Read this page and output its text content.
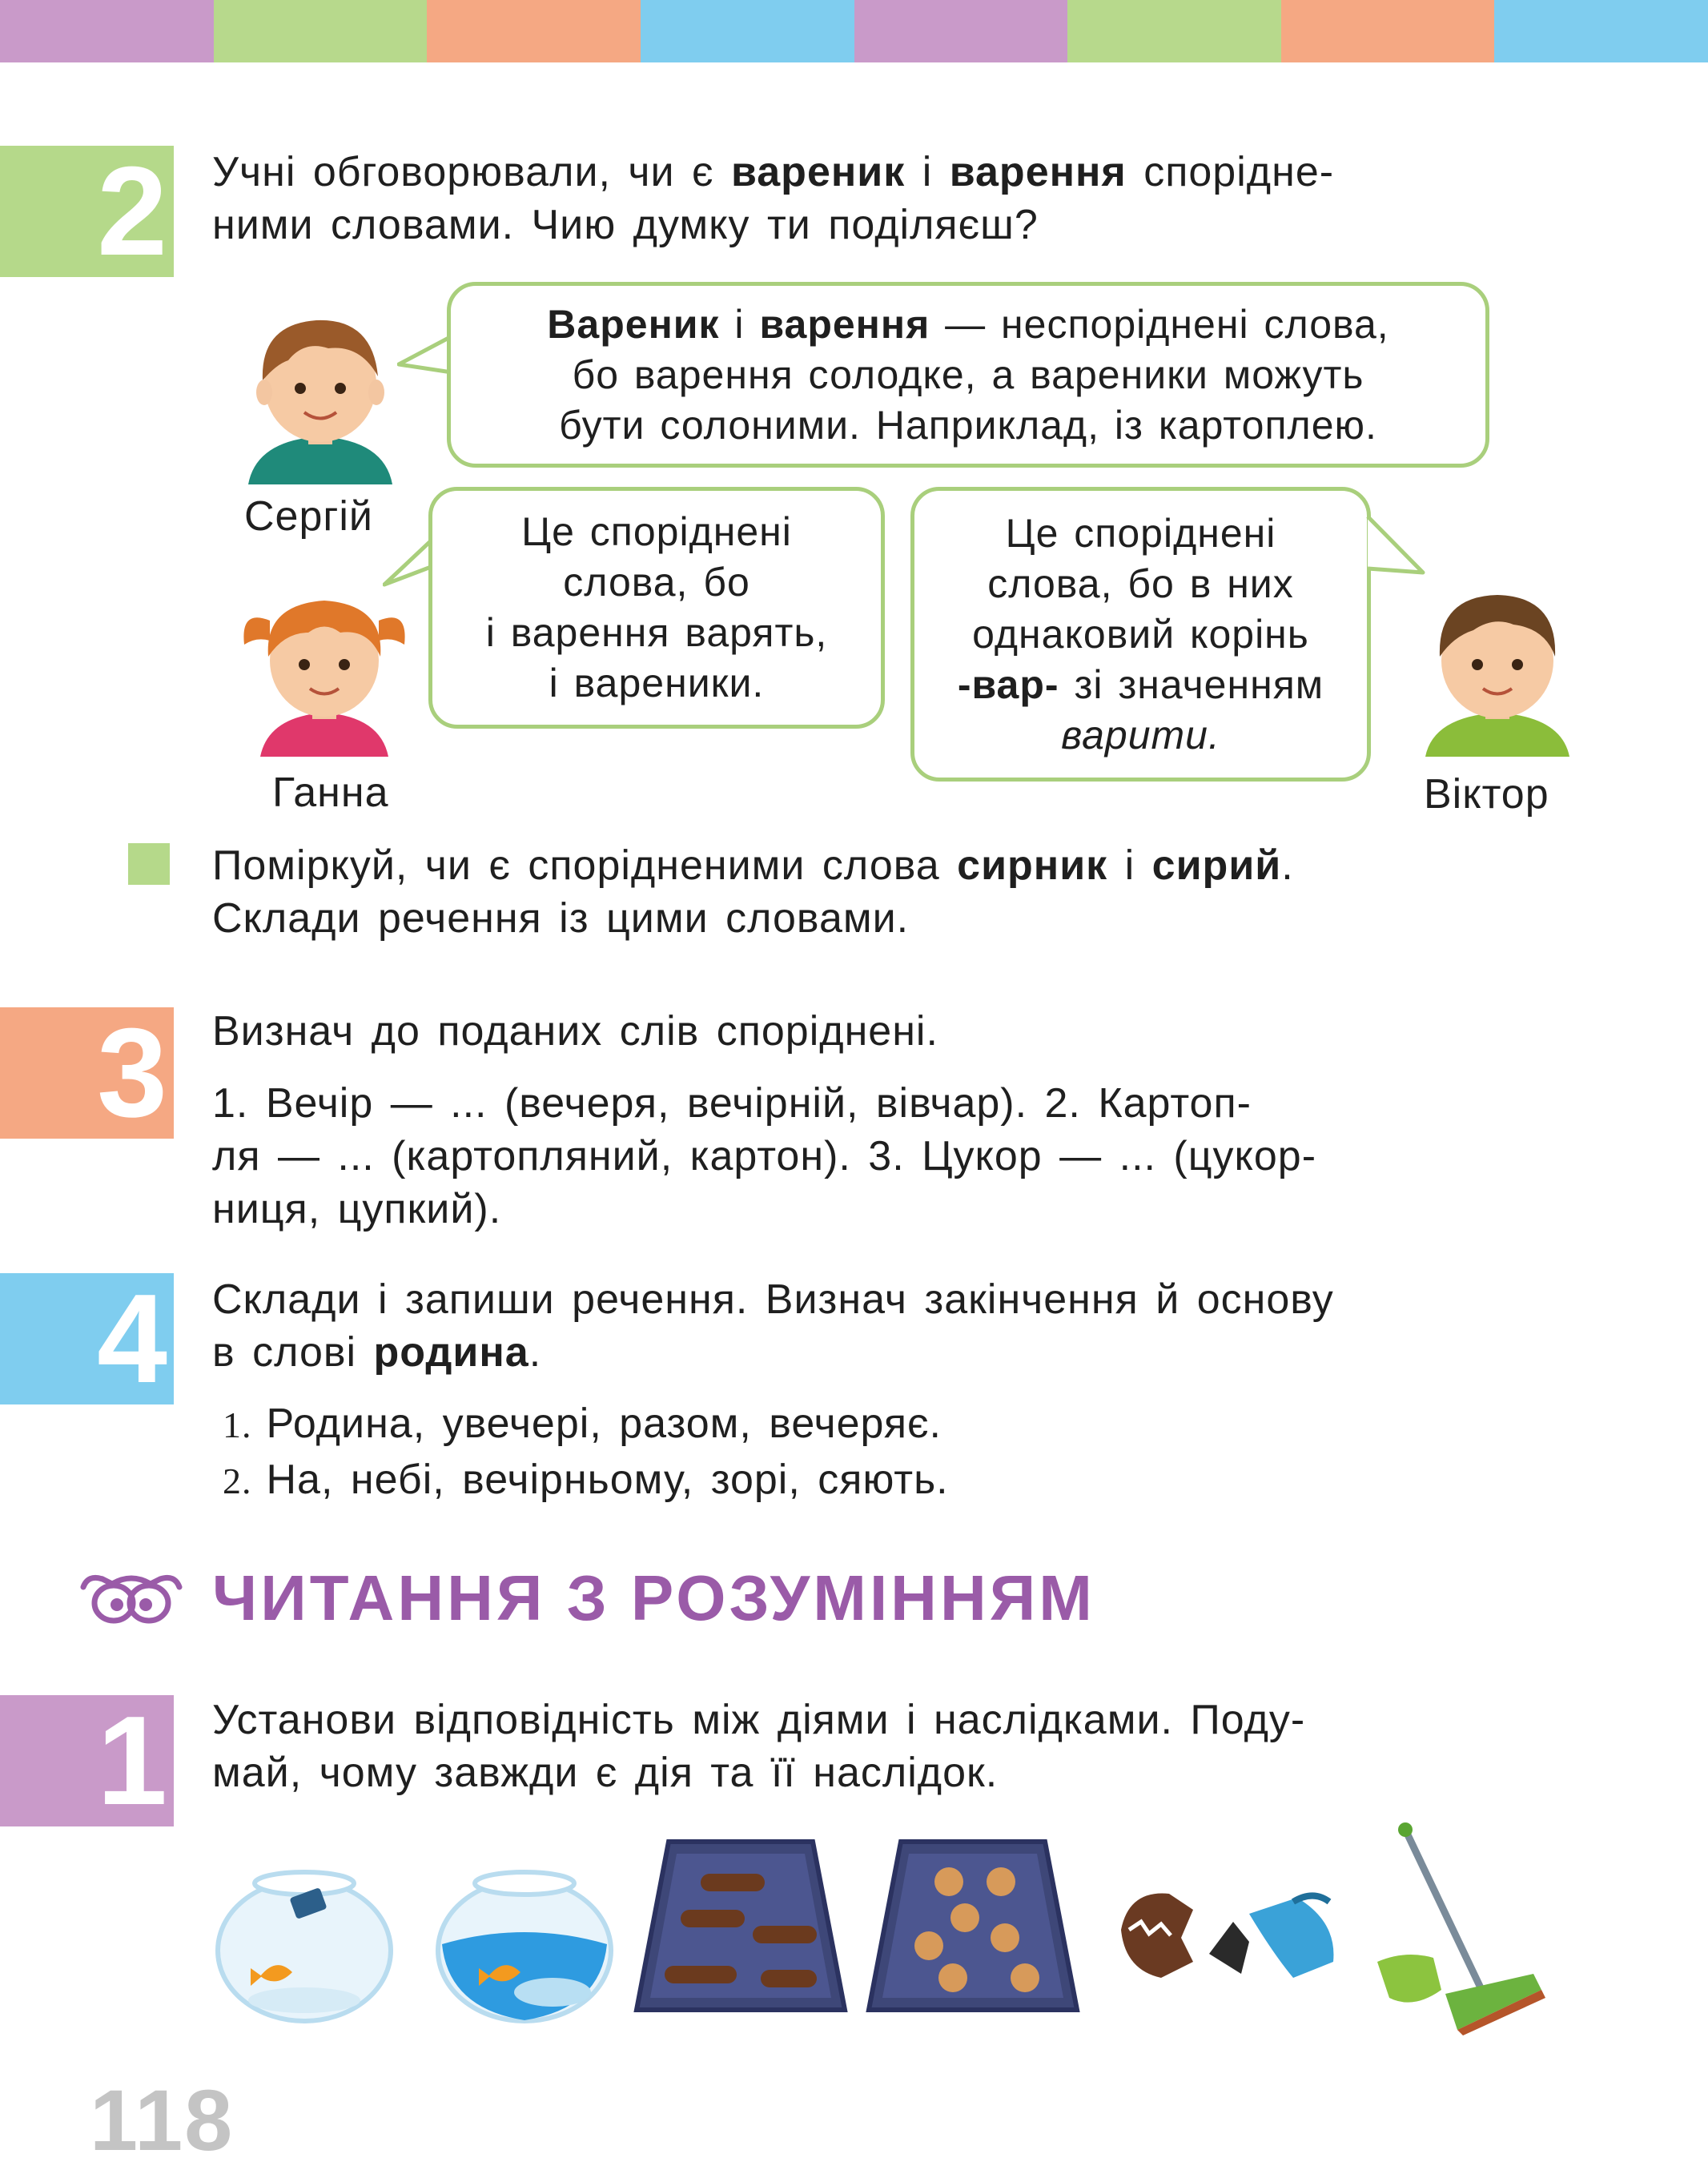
2 Учні обговорювали, чи є вареник і варення споріднe-
ними словами. Чию думку ти поділяєш?
Сергій
Вареник і варення — неспоріднені слова,
бо варення солодке, а вареники можуть
бути солоними. Наприклад, із картоплею.
Ганна
Це споріднені
слова, бо
і варення варять,
і вареники.
Це споріднені
слова, бо в них
однаковий корінь
-вар- зі значенням
варити.
Віктор
Поміркуй, чи є спорідненими слова сирник і сирий.
Склади речення із цими словами.
3 Визнач до поданих слів споріднені.
1. Вечір — ... (вечеря, вечірній, вівчар). 2. Картоп-
ля — ... (картопляний, картон). 3. Цукор — ... (цукор-
ниця, цупкий).
4 Склади і запиши речення. Визнач закінчення й основу
в слові родина.
1. Родина, увечері, разом, вечеряє.
2. На, небі, вечірньому, зорі, сяють.
ЧИТАННЯ З РОЗУМІННЯМ
1 Установи відповідність між діями і наслідками. Поду-
май, чому завжди є дія та її наслідок.
118
